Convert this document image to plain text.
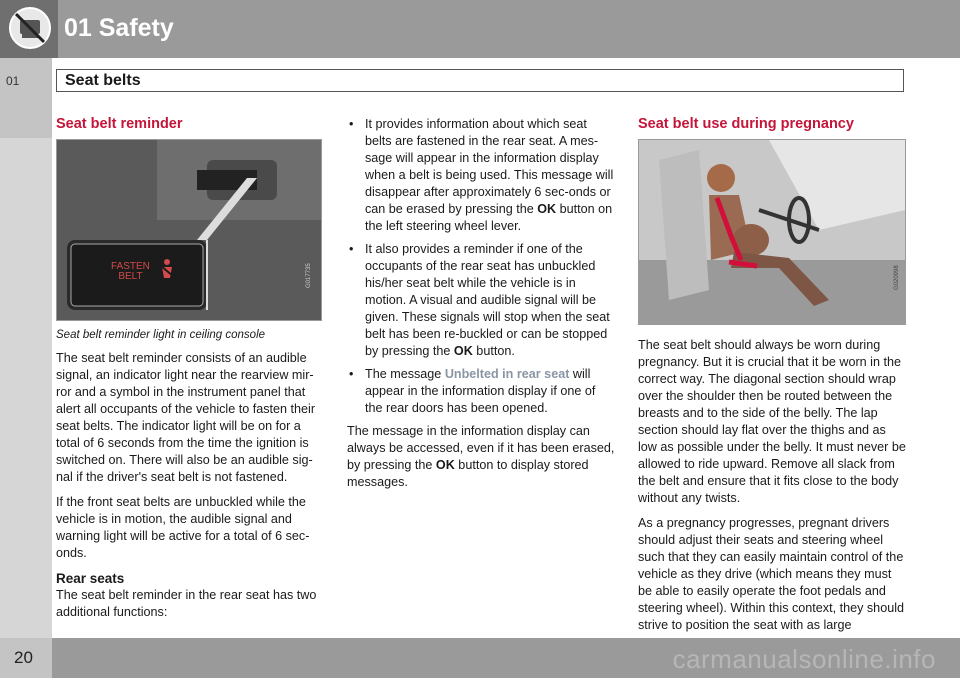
01 Safety
01	Seat belts
Seat belt reminder
FASTEN
BELT	G017735
Seat belt reminder light in ceiling console

The seat belt reminder consists of an audible signal, an indicator light near the rearview mir-ror and a symbol in the instrument panel that alert all occupants of the vehicle to fasten their seat belts. The indicator light will be on for a total of 6 seconds from the time the ignition is switched on. There will also be an audible sig-nal if the driver's seat belt is not fastened.

If the front seat belts are unbuckled while the vehicle is in motion, the audible signal and warning light will be active for a total of 6 sec-onds.

Rear seats

The seat belt reminder in the rear seat has two additional functions:

• It provides information about which seat belts are fastened in the rear seat. A mes-sage will appear in the information display when a belt is being used. This message will disappear after approximately 6 sec-onds or can be erased by pressing the OK button on the left steering wheel lever.
• It also provides a reminder if one of the occupants of the rear seat has unbuckled his/her seat belt while the vehicle is in motion. A visual and audible signal will be given. These signals will stop when the seat belt has been re-buckled or can be stopped by pressing the OK button.
• The message Unbelted in rear seat will appear in the information display if one of the rear doors has been opened.

The message in the information display can always be accessed, even if it has been erased, by pressing the OK button to display stored messages.

Seat belt use during pregnancy
G020998

The seat belt should always be worn during pregnancy. But it is crucial that it be worn in the correct way. The diagonal section should wrap over the shoulder then be routed between the breasts and to the side of the belly. The lap section should lay flat over the thighs and as low as possible under the belly. It must never be allowed to ride upward. Remove all slack from the belt and ensure that it fits close to the body without any twists.

As a pregnancy progresses, pregnant drivers should adjust their seats and steering wheel such that they can easily maintain control of the vehicle as they drive (which means they must be able to easily operate the foot pedals and steering wheel). Within this context, they should strive to position the seat with as large

20	carmanualsonline.info
